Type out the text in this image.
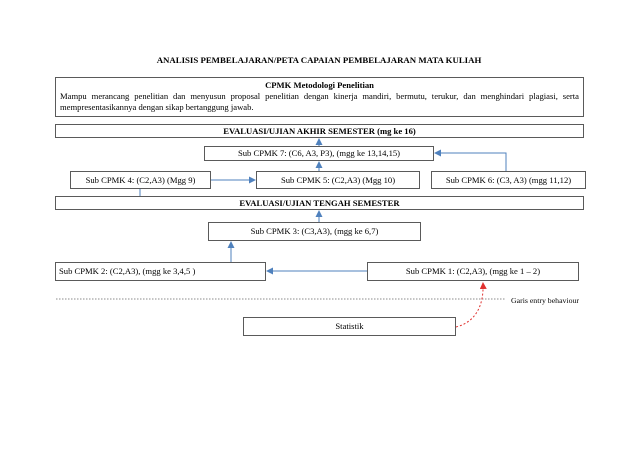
ANALISIS PEMBELAJARAN/PETA CAPAIAN PEMBELAJARAN MATA KULIAH
CPMK Metodologi Penelitian
Mampu merancang penelitian dan menyusun proposal penelitian dengan kinerja mandiri, bermutu, terukur, dan menghindari plagiasi, serta mempresentasikannya dengan sikap bertanggung jawab.
EVALUASI/UJIAN AKHIR SEMESTER (mg ke 16)
Sub CPMK 7: (C6, A3, P3), (mgg ke 13,14,15)
Sub CPMK 4: (C2,A3) (Mgg 9)	Sub CPMK 5: (C2,A3) (Mgg 10)	Sub CPMK 6: (C3, A3) (mgg 11,12)
EVALUASI/UJIAN TENGAH SEMESTER
Sub CPMK 3: (C3,A3), (mgg ke 6,7)
Sub CPMK 2: (C2,A3), (mgg ke 3,4,5 )	Sub CPMK 1: (C2,A3), (mgg ke 1 – 2)
Garis entry behaviour
Statistik
